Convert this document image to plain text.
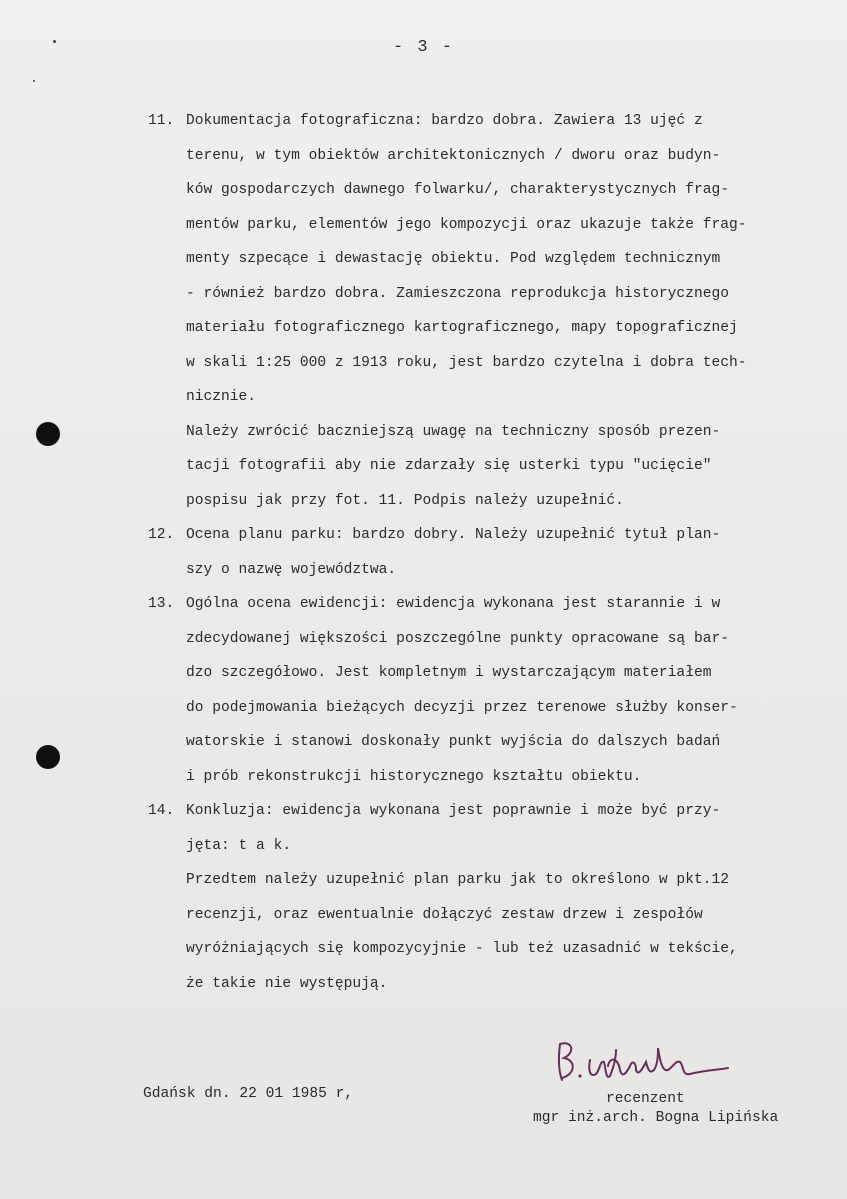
- 3 -
11. Dokumentacja fotograficzna: bardzo dobra. Zawiera 13 ujęć z
terenu, w tym obiektów architektonicznych / dworu oraz budyn-
ków gospodarczych dawnego folwarku/, charakterystycznych frag-
mentów parku, elementów jego kompozycji oraz ukazuje także frag-
menty szpecące i dewastację obiektu. Pod względem technicznym
- również bardzo dobra. Zamieszczona reprodukcja historycznego
materiału fotograficznego kartograficznego, mapy topograficznej
w skali 1:25 000 z 1913 roku, jest bardzo czytelna i dobra tech-
nicznie.
Należy zwrócić baczniejszą uwagę na techniczny sposób prezen-
tacji fotografii aby nie zdarzały się usterki typu "ucięcie"
pospisu jak przy fot. 11. Podpis należy uzupełnić.
12. Ocena planu parku: bardzo dobry. Należy uzupełnić tytuł plan-
szy o nazwę województwa.
13. Ogólna ocena ewidencji: ewidencja wykonana jest starannie i w
zdecydowanej większości poszczególne punkty opracowane są bar-
dzo szczegółowo. Jest kompletnym i wystarczającym materiałem
do podejmowania bieżących decyzji przez terenowe służby konser-
watorskie i stanowi doskonały punkt wyjścia do dalszych badań
i prób rekonstrukcji historycznego kształtu obiektu.
14. Konkluzja: ewidencja wykonana jest poprawnie i może być przy-
jęta: t a k.
Przedtem należy uzupełnić plan parku jak to określono w pkt.12
recenzji, oraz ewentualnie dołączyć zestaw drzew i zespołów
wyróżniających się kompozycyjnie - lub też uzasadnić w tekście,
że takie nie występują.
Gdańsk dn. 22 01 1985 r,	recenzent
mgr inż.arch. Bogna Lipińska
